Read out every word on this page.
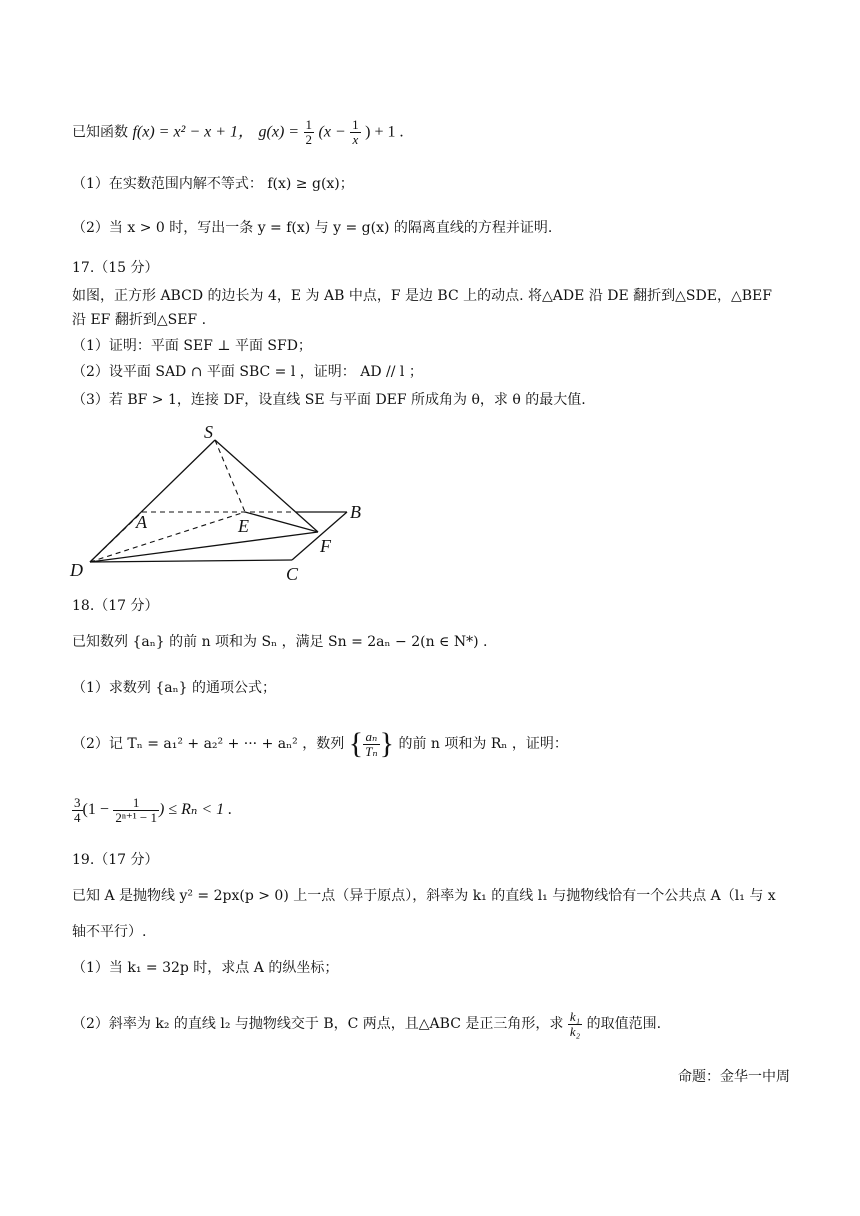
已知函数 f(x) = x² − x + 1， $g(x) = \frac{1}{2} (x - \frac{1}{x}$ ) + 1 .
（1）在实数范围内解不等式： f(x) ≥ g(x)；
（2）当 x > 0 时，写出一条 y = f(x) 与 y = g(x) 的隔离直线的方程并证明.
17.（15 分）
如图，正方形 ABCD 的边长为 4，E 为 AB 中点，F 是边 BC 上的动点. 将△ADE 沿 DE 翻折到△SDE，△BEF
沿 EF 翻折到△SEF .
（1）证明：平面 SEF ⊥ 平面 SFD；
（2）设平面 SAD ∩ 平面 SBC = l ，证明： AD // l ；
（3）若 BF > 1，连接 DF，设直线 SE 与平面 DEF 所成角为 θ，求 θ 的最大值.
S
A	E
B
F
D	C
18.（17 分）
已知数列 {aₙ} 的前 n 项和为 Sₙ ，满足 Sn = 2aₙ − 2(n ∈ N*) .
（1）求数列 {aₙ} 的通项公式；
（2）记 Tₙ = a₁² + a₂² + ··· + aₙ² ，数列 { $\frac{\text{aₙ}}{\text{Tₙ}}$ } 的前 n 项和为 Rₙ ，证明：
$\frac{3}{4} (1 - \frac{1}{\text{2ⁿ⁺¹ − 1}}$ ) ≤ Rₙ < 1 .
19.（17 分）
已知 A 是抛物线 y² = 2px(p > 0) 上一点（异于原点），斜率为 k₁ 的直线 l₁ 与抛物线恰有一个公共点 A（l₁ 与 x
轴不平行）.
（1）当 k₁ = 32p 时，求点 A 的纵坐标；
（2）斜率为 k₂ 的直线 l₂ 与抛物线交于 B，C 两点，且△ABC 是正三角形，求 $\frac{\text{k₁}}{\text{k₂}}$ 的取值范围.
命题：金华一中周
